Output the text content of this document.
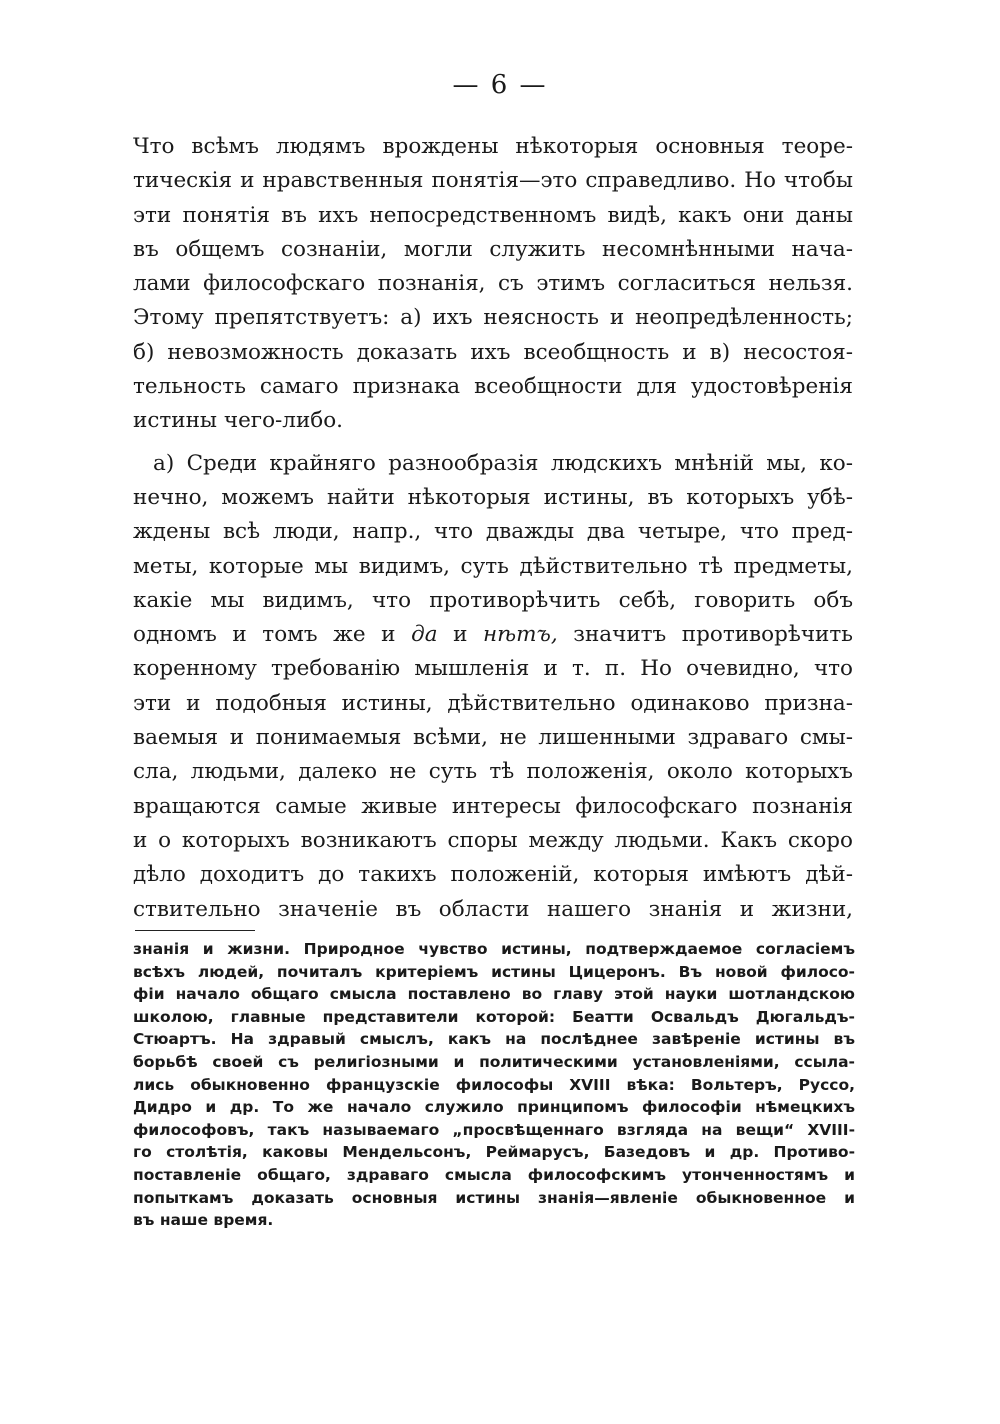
— 6 —
Что всѣмъ людямъ врождены нѣкоторыя основныя теоре-
тическія и нравственныя понятія—это справедливо. Но чтобы
эти понятія въ ихъ непосредственномъ видѣ, какъ они даны
въ общемъ сознаніи, могли служить несомнѣнными нача-
лами философскаго познанія, съ этимъ согласиться нельзя.
Этому препятствуетъ: а) ихъ неясность и неопредѣленность;
б) невозможность доказать ихъ всеобщность и в) несостоя-
тельность самаго признака всеобщности для удостовѣренія
истины чего-либо.
а) Среди крайняго разнообразія людскихъ мнѣній мы, ко-
нечно, можемъ найти нѣкоторыя истины, въ которыхъ убѣ-
ждены всѣ люди, напр., что дважды два четыре, что пред-
меты, которые мы видимъ, суть дѣйствительно тѣ предметы,
какіе мы видимъ, что противорѣчить себѣ, говорить объ
одномъ и томъ же и да и нѣтъ, значитъ противорѣчить
коренному требованію мышленія и т. п. Но очевидно, что
эти и подобныя истины, дѣйствительно одинаково призна-
ваемыя и понимаемыя всѣми, не лишенными здраваго смы-
сла, людьми, далеко не суть тѣ положенія, около которыхъ
вращаются самые живые интересы философскаго познанія
и о которыхъ возникаютъ споры между людьми. Какъ скоро
дѣло доходитъ до такихъ положеній, которыя имѣютъ дѣй-
ствительно значеніе въ области нашего знанія и жизни,
знанія и жизни. Природное чувство истины, подтверждаемое согласіемъ
всѣхъ людей, почиталъ критеріемъ истины Цицеронъ. Въ новой филосо-
фіи начало общаго смысла поставлено во главу этой науки шотландскою
школою, главные представители которой: Беатти Освальдъ Дюгальдъ-
Стюартъ. На здравый смыслъ, какъ на послѣднее завѣреніе истины въ
борьбѣ своей съ религіозными и политическими установленіями, ссыла-
лись обыкновенно французскіе философы XVIII вѣка: Вольтеръ, Руссо,
Дидро и др. То же начало служило принципомъ философіи нѣмецкихъ
философовъ, такъ называемаго „просвѣщеннаго взгляда на вещи“ XVIII-
го столѣтія, каковы Мендельсонъ, Реймарусъ, Базедовъ и др. Противо-
поставленіе общаго, здраваго смысла философскимъ утонченностямъ и
попыткамъ доказать основныя истины знанія—явленіе обыкновенное и
въ наше время.
